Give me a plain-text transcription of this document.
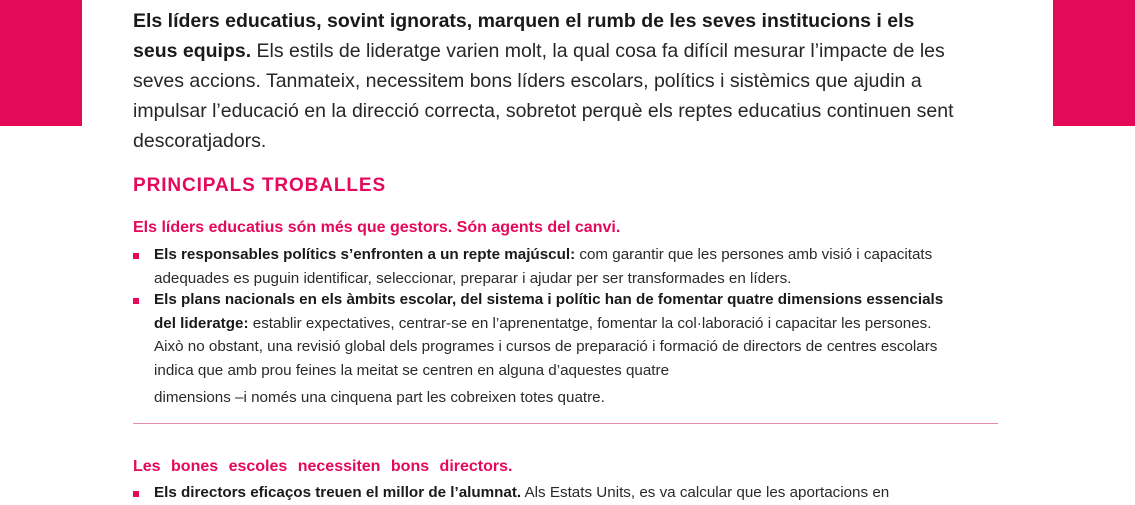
Els líders educatius, sovint ignorats, marquen el rumb de les seves institucions i els seus equips. Els estils de lideratge varien molt, la qual cosa fa difícil mesurar l’impacte de les seves accions. Tanmateix, necessitem bons líders escolars, polítics i sistèmics que ajudin a impulsar l’educació en la direcció correcta, sobretot perquè els reptes educatius continuen sent descoratjadors.

PRINCIPALS TROBALLES
Els líders educatius són més que gestors. Són agents del canvi.
Els responsables polítics s’enfronten a un repte majúscul: com garantir que les persones amb visió i capacitats adequades es puguin identificar, seleccionar, preparar i ajudar per ser transformades en líders.
Els plans nacionals en els àmbits escolar, del sistema i polític han de fomentar quatre dimensions essencials del lideratge: establir expectatives, centrar-se en l’aprenentatge, fomentar la col·laboració i capacitar les persones. Això no obstant, una revisió global dels programes i cursos de preparació i formació de directors de centres escolars indica que amb prou feines la meitat se centren en alguna d’aquestes quatre
dimensions –i només una cinquena part les cobreixen totes quatre.
Les bones escoles necessiten bons directors.
Els directors eficaços treuen el millor de l’alumnat. Als Estats Units, es va calcular que les aportacions en
